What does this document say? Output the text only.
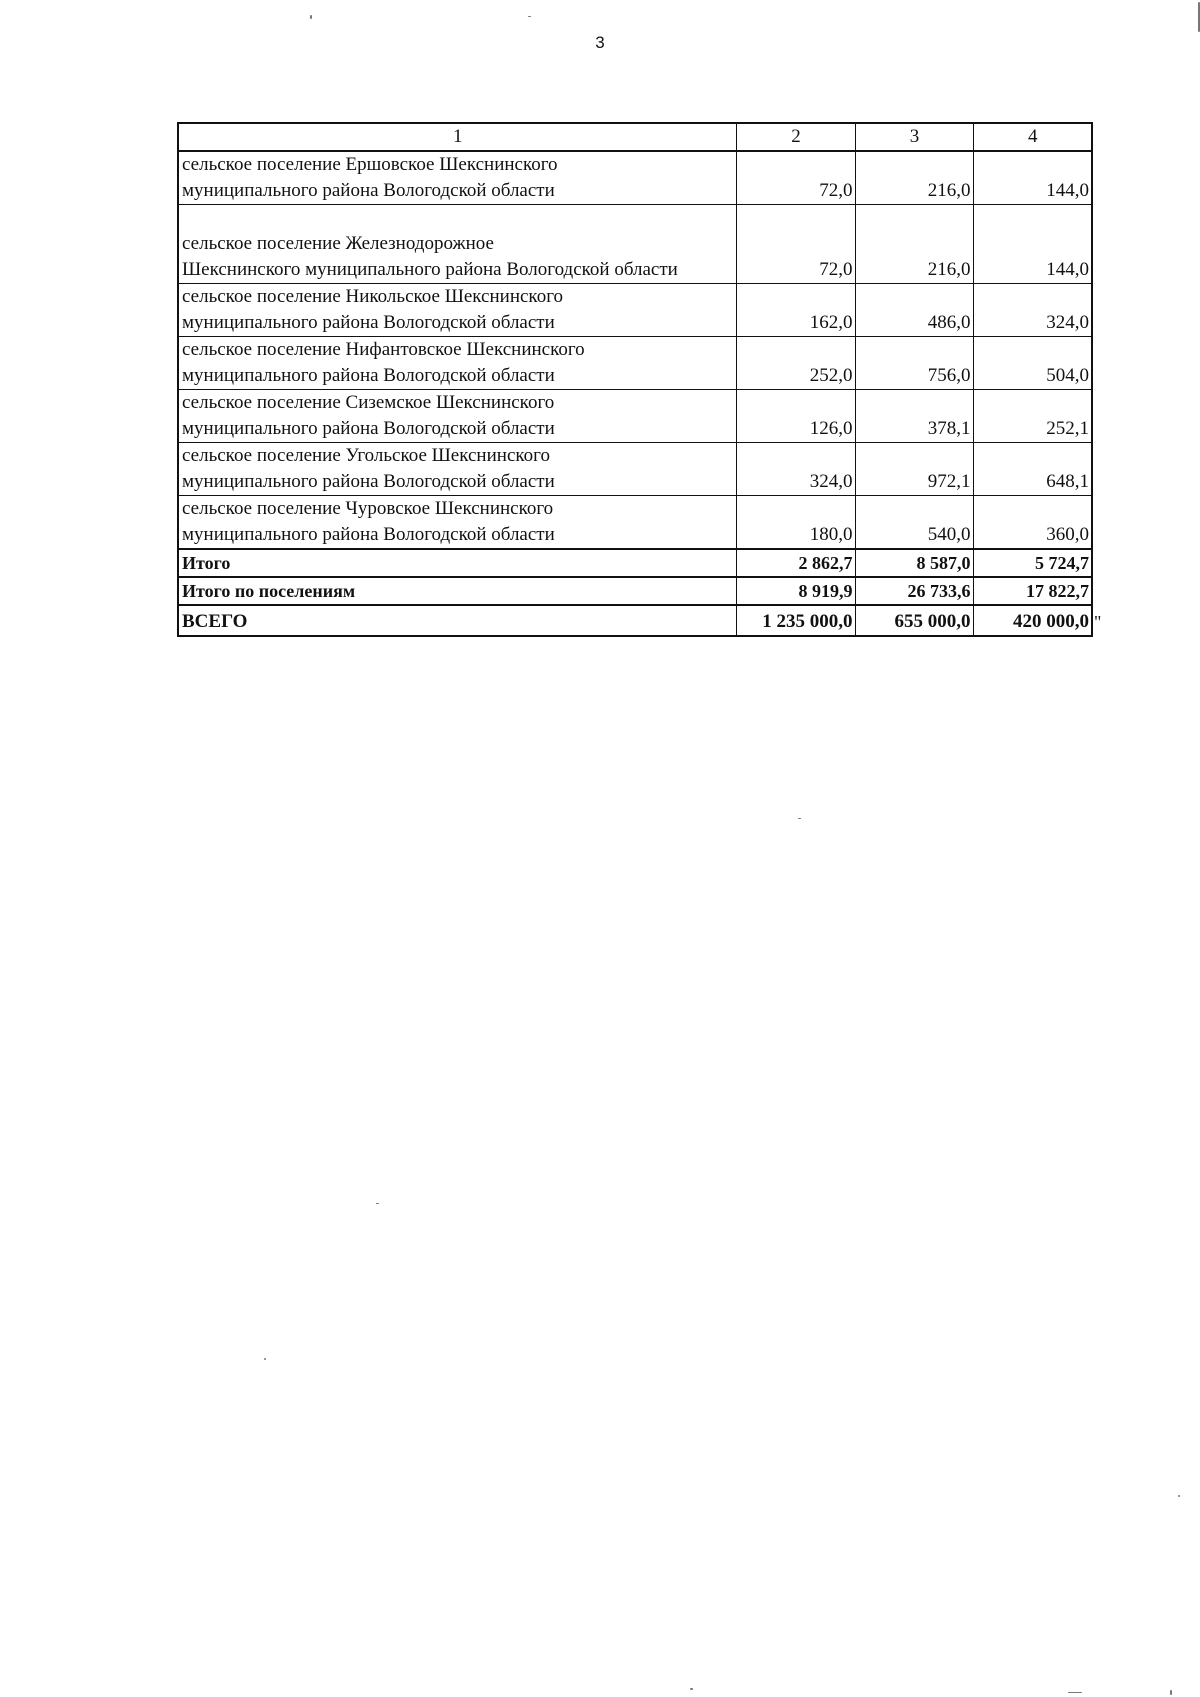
3
1	2	3	4

сельское поселение Ершовское Шекснинского
муниципального района Вологодской области	72,0	216,0	144,0

сельское поселение Железнодорожное
Шекснинского муниципального района Вологодской области	72,0	216,0	144,0

сельское поселение Никольское Шекснинского
муниципального района Вологодской области	162,0	486,0	324,0

сельское поселение Нифантовское Шекснинского
муниципального района Вологодской области	252,0	756,0	504,0

сельское поселение Сиземское Шекснинского
муниципального района Вологодской области	126,0	378,1	252,1

сельское поселение Угольское Шекснинского
муниципального района Вологодской области	324,0	972,1	648,1

сельское поселение Чуровское Шекснинского
муниципального района Вологодской области	180,0	540,0	360,0
Итого	2 862,7	8 587,0	5 724,7
Итого по поселениям	8 919,9	26 733,6	17 822,7
ВСЕГО	1 235 000,0	655 000,0	420 000,0 "
